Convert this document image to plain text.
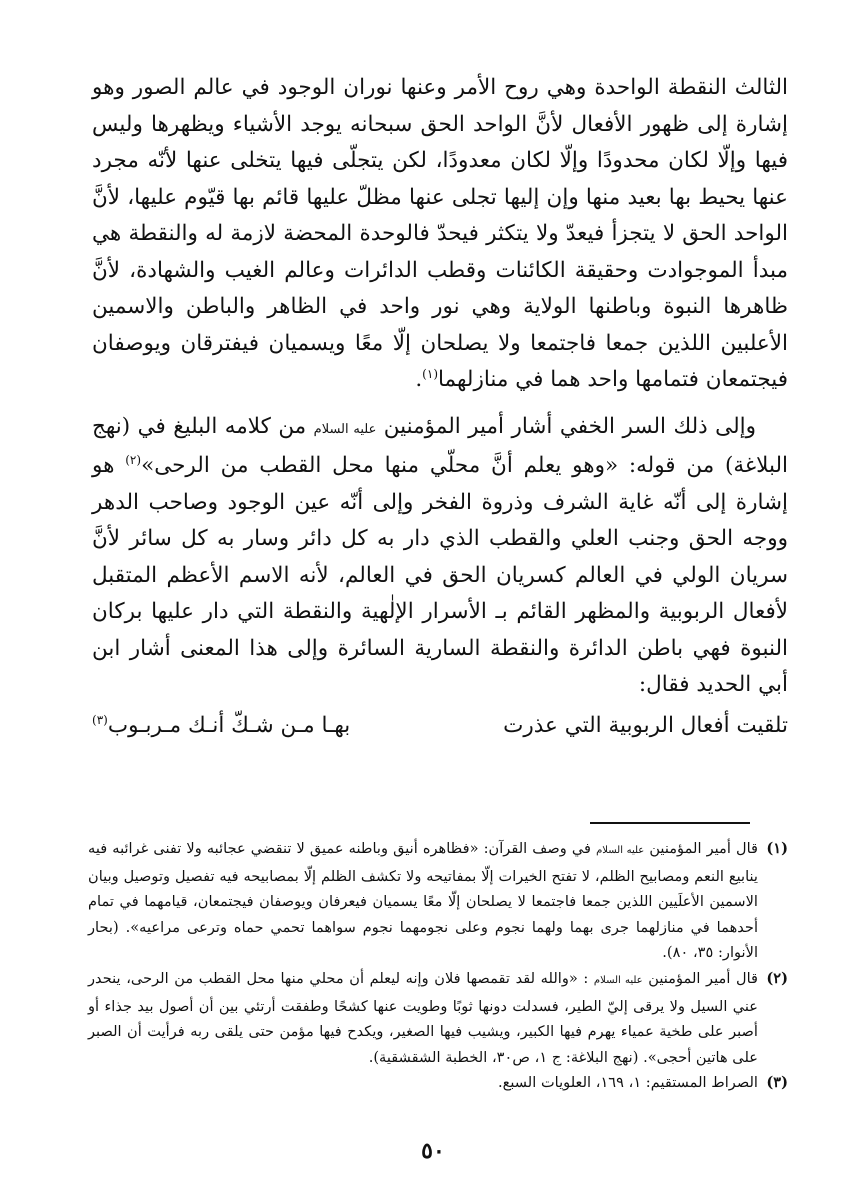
الثالث النقطة الواحدة وهي روح الأمر وعنها نوران الوجود في عالم الصور وهو إشارة إلى ظهور الأفعال لأنَّ الواحد الحق سبحانه يوجد الأشياء ويظهرها وليس فيها وإلّا لكان محدودًا وإلّا لكان معدودًا، لكن يتجلّى فيها يتخلى عنها لأنّه مجرد عنها يحيط بها بعيد منها وإن إليها تجلى عنها مظلّ عليها قائم بها قيّوم عليها، لأنَّ الواحد الحق لا يتجزأ فيعدّ ولا يتكثر فيحدّ فالوحدة المحضة لازمة له والنقطة هي مبدأ الموجوادت وحقيقة الكائنات وقطب الدائرات وعالم الغيب والشهادة، لأنَّ ظاهرها النبوة وباطنها الولاية وهي نور واحد في الظاهر والباطن والاسمين الأعلبين اللذين جمعا فاجتمعا ولا يصلحان إلّا معًا ويسميان فيفترقان ويوصفان فيجتمعان فتمامها واحد هما في منازلهما$^{(١)}$.

وإلى ذلك السر الخفي أشار أمير المؤمنين عليه السلام من كلامه البليغ في (نهج البلاغة) من قوله: «وهو يعلم أنَّ محلّي منها محل القطب من الرحى»$^{(٢)}$ هو إشارة إلى أنّه غاية الشرف وذروة الفخر وإلى أنّه عين الوجود وصاحب الدهر ووجه الحق وجنب العلي والقطب الذي دار به كل دائر وسار به كل سائر لأنَّ سريان الولي في العالم كسريان الحق في العالم، لأنه الاسم الأعظم المتقبل لأفعال الربوبية والمظهر القائم بـ الأسرار الإلٰهية والنقطة التي دار عليها بركان النبوة فهي باطن الدائرة والنقطة السارية السائرة وإلى هذا المعنى أشار ابن أبي الحديد فقال:

تلقيت أفعال الربوبية التي عذرت
بهـا مـن شـكّ أنـك مـربـوب$^{(٣)}$
(١)
قال أمير المؤمنين عليه السلام في وصف القرآن: «فظاهره أنيق وباطنه عميق لا تنقضي عجائبه ولا تفنى غرائبه فيه ينابيع النعم ومصابيح الظلم، لا تفتح الخيرات إلّا بمفاتيحه ولا تكشف الظلم إلّا بمصابيحه فيه تفصيل وتوصيل وبيان الاسمين الأعلَيين اللذين جمعا فاجتمعا لا يصلحان إلّا معًا يسميان فيعرفان ويوصفان فيجتمعان، قيامهما في تمام أحدهما في منازلهما جرى بهما ولهما نجوم وعلى نجومهما نجوم سواهما تحمي حماه وترعى مراعيه». (بحار الأنوار: ٣٥، ٨٠).
(٢)
قال أمير المؤمنين عليه السلام : «والله لقد تقمصها فلان وإنه ليعلم أن محلي منها محل القطب من الرحى، ينحدر عني السيل ولا يرقى إليّ الطير، فسدلت دونها ثوبًا وطويت عنها كشحًا وطفقت أرتئي بين أن أصول بيد جذاء أو أصبر على طخية عمياء يهرم فيها الكبير، ويشيب فيها الصغير، ويكدح فيها مؤمن حتى يلقى ربه فرأيت أن الصبر على هاتين أحجى». (نهج البلاغة: ج ١، ص٣٠، الخطبة الشقشقية).
(٣)
الصراط المستقيم: ١، ١٦٩، العلويات السبع.
٥٠
